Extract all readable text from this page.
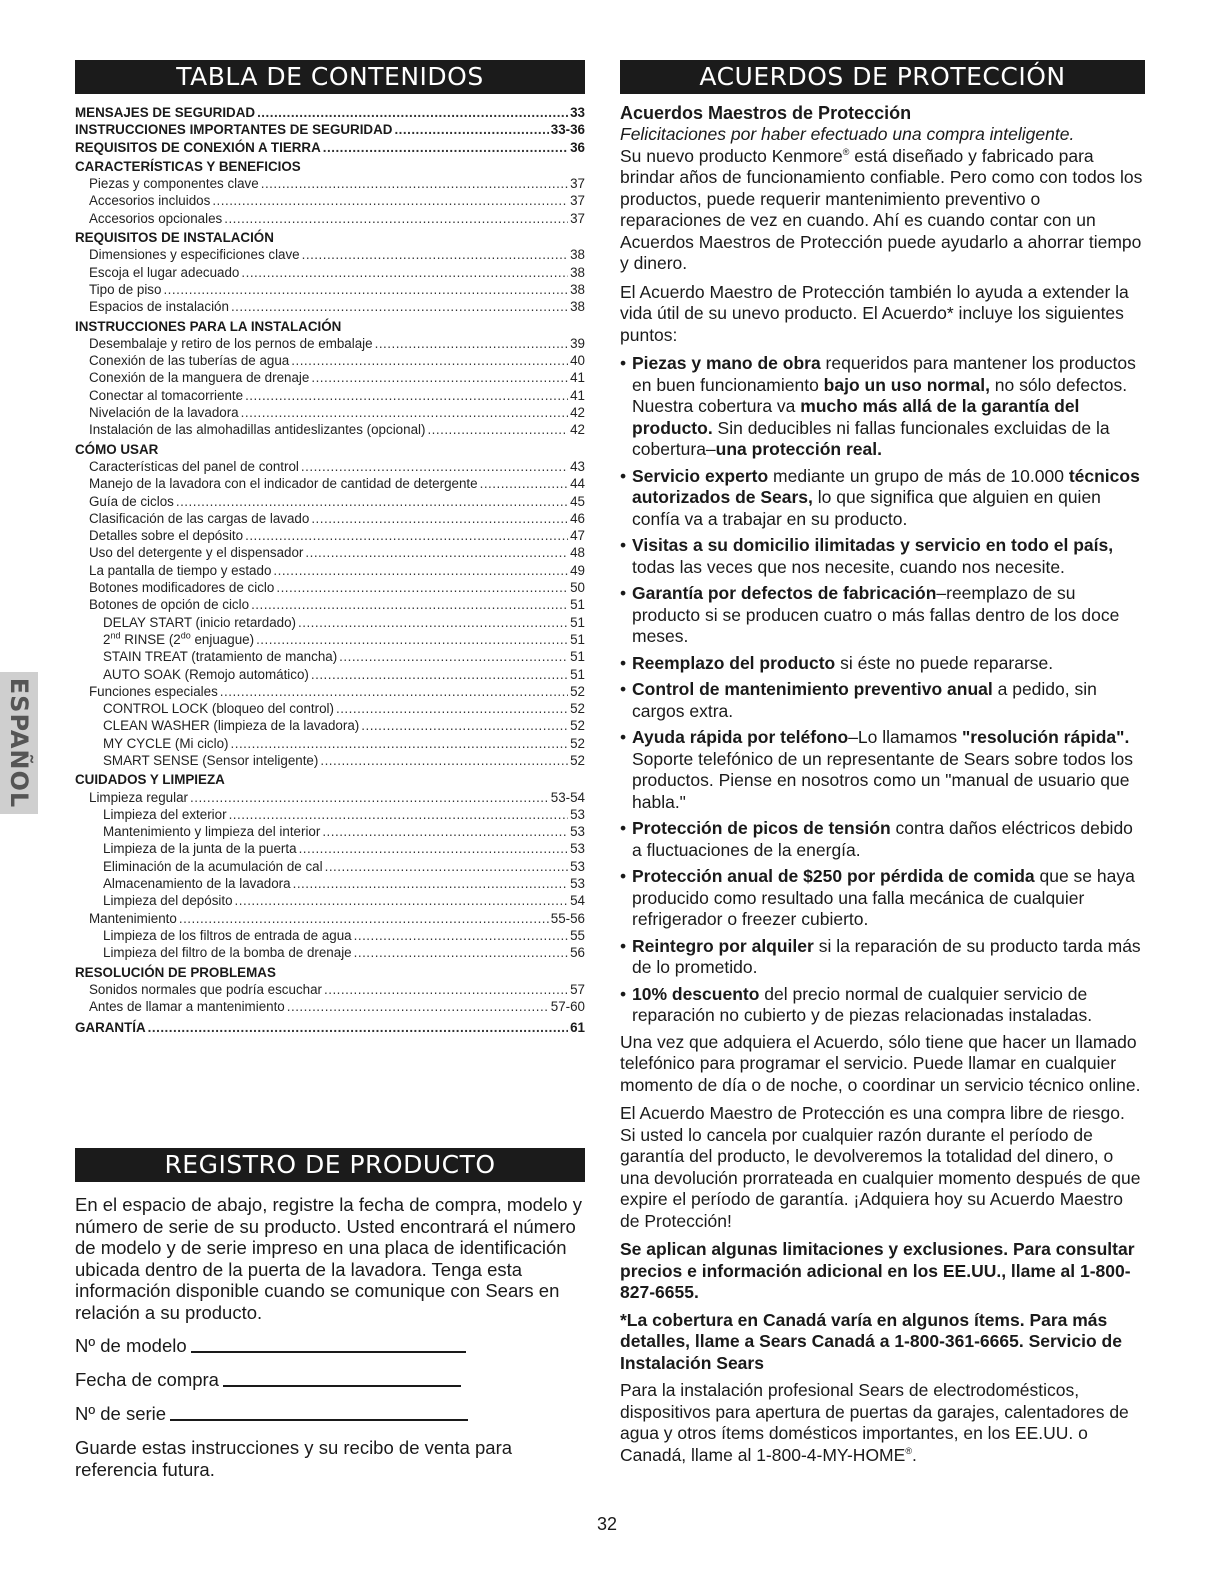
ESPAÑOL
TABLA DE CONTENIDOS
MENSAJES DE SEGURIDAD .....	33
INSTRUCCIONES IMPORTANTES DE SEGURIDAD .....	33-36
REQUISITOS DE CONEXIÓN A TIERRA .....	36
CARACTERÍSTICAS Y BENEFICIOS
Piezas y componentes clave .....	37
Accesorios incluidos .....	37
Accesorios opcionales .....	37
REQUISITOS DE INSTALACIÓN
Dimensiones y especificiones clave .....	38
Escoja el lugar adecuado .....	38
Tipo de piso .....	38
Espacios de instalación .....	38
INSTRUCCIONES PARA LA INSTALACIÓN
Desembalaje y retiro de los pernos de embalaje .....	39
Conexión de las tuberías de agua .....	40
Conexión de la manguera de drenaje .....	41
Conectar al tomacorriente .....	41
Nivelación de la lavadora .....	42
Instalación de las almohadillas antideslizantes (opcional) .....	42
CÓMO USAR
Características del panel de control .....	43
Manejo de la lavadora con el indicador de cantidad de detergente .....	44
Guía de ciclos .....	45
Clasificación de las cargas de lavado .....	46
Detalles sobre el depósito .....	47
Uso del detergente y el dispensador .....	48
La pantalla de tiempo y estado .....	49
Botones modificadores de ciclo .....	50
Botones de opción de ciclo .....	51
DELAY START (inicio retardado) .....	51
2nd RINSE ($2^{do}$ enjuague) .....	51
STAIN TREAT (tratamiento de mancha) .....	51
AUTO SOAK (Remojo automático) .....	51
Funciones especiales .....	52
CONTROL LOCK (bloqueo del control) .....	52
CLEAN WASHER (limpieza de la lavadora) .....	52
MY CYCLE (Mi ciclo) .....	52
SMART SENSE (Sensor inteligente) .....	52
CUIDADOS Y LIMPIEZA
Limpieza regular .....	53-54
Limpieza del exterior .....	53
Mantenimiento y limpieza del interior .....	53
Limpieza de la junta de la puerta .....	53
Eliminación de la acumulación de cal .....	53
Almacenamiento de la lavadora .....	53
Limpieza del depósito .....	54
Mantenimiento .....	55-56
Limpieza de los filtros de entrada de agua .....	55
Limpieza del filtro de la bomba de drenaje .....	56
RESOLUCIÓN DE PROBLEMAS
Sonidos normales que podría escuchar .....	57
Antes de llamar a mantenimiento .....	57-60
GARANTÍA .....	61
REGISTRO DE PRODUCTO
En el espacio de abajo, registre la fecha de compra, modelo y número de serie de su producto. Usted encontrará el número de modelo y de serie impreso en una placa de identificación ubicada dentro de la puerta de la lavadora. Tenga esta información disponible cuando se comunique con Sears en relación a su producto.
Nº de modelo
Fecha de compra
Nº de serie
Guarde estas instrucciones y su recibo de venta para referencia futura.
ACUERDOS DE PROTECCIÓN
Acuerdos Maestros de Protección
Felicitaciones por haber efectuado una compra inteligente.
Su nuevo producto Kenmore® está diseñado y fabricado para brindar años de funcionamiento confiable. Pero como con todos los productos, puede requerir mantenimiento preventivo o reparaciones de vez en cuando. Ahí es cuando contar con un Acuerdos Maestros de Protección puede ayudarlo a ahorrar tiempo y dinero.
El Acuerdo Maestro de Protección también lo ayuda a extender la vida útil de su unevo producto. El Acuerdo* incluye los siguientes puntos:
• Piezas y mano de obra requeridos para mantener los productos en buen funcionamiento bajo un uso normal, no sólo defectos. Nuestra cobertura va mucho más allá de la garantía del producto. Sin deducibles ni fallas funcionales excluidas de la cobertura–una protección real.
• Servicio experto mediante un grupo de más de 10.000 técnicos autorizados de Sears, lo que significa que alguien en quien confía va a trabajar en su producto.
• Visitas a su domicilio ilimitadas y servicio en todo el país, todas las veces que nos necesite, cuando nos necesite.
• Garantía por defectos de fabricación–reemplazo de su producto si se producen cuatro o más fallas dentro de los doce meses.
• Reemplazo del producto si éste no puede repararse.
• Control de mantenimiento preventivo anual a pedido, sin cargos extra.
• Ayuda rápida por teléfono–Lo llamamos "resolución rápida". Soporte telefónico de un representante de Sears sobre todos los productos. Piense en nosotros como un "manual de usuario que habla."
• Protección de picos de tensión contra daños eléctricos debido a fluctuaciones de la energía.
• Protección anual de $250 por pérdida de comida que se haya producido como resultado una falla mecánica de cualquier refrigerador o freezer cubierto.
• Reintegro por alquiler si la reparación de su producto tarda más de lo prometido.
• 10% descuento del precio normal de cualquier servicio de reparación no cubierto y de piezas relacionadas instaladas.
Una vez que adquiera el Acuerdo, sólo tiene que hacer un llamado telefónico para programar el servicio. Puede llamar en cualquier momento de día o de noche, o coordinar un servicio técnico online.
El Acuerdo Maestro de Protección es una compra libre de riesgo. Si usted lo cancela por cualquier razón durante el período de garantía del producto, le devolveremos la totalidad del dinero, o una devolución prorrateada en cualquier momento después de que expire el período de garantía. ¡Adquiera hoy su Acuerdo Maestro de Protección!
Se aplican algunas limitaciones y exclusiones. Para consultar precios e información adicional en los EE.UU., llame al 1-800-827-6655.
*La cobertura en Canadá varía en algunos ítems. Para más detalles, llame a Sears Canadá a 1-800-361-6665. Servicio de Instalación Sears
Para la instalación profesional Sears de electrodomésticos, dispositivos para apertura de puertas da garajes, calentadores de agua y otros ítems domésticos importantes, en los EE.UU. o Canadá, llame al 1-800-4-MY-HOME®.
32
